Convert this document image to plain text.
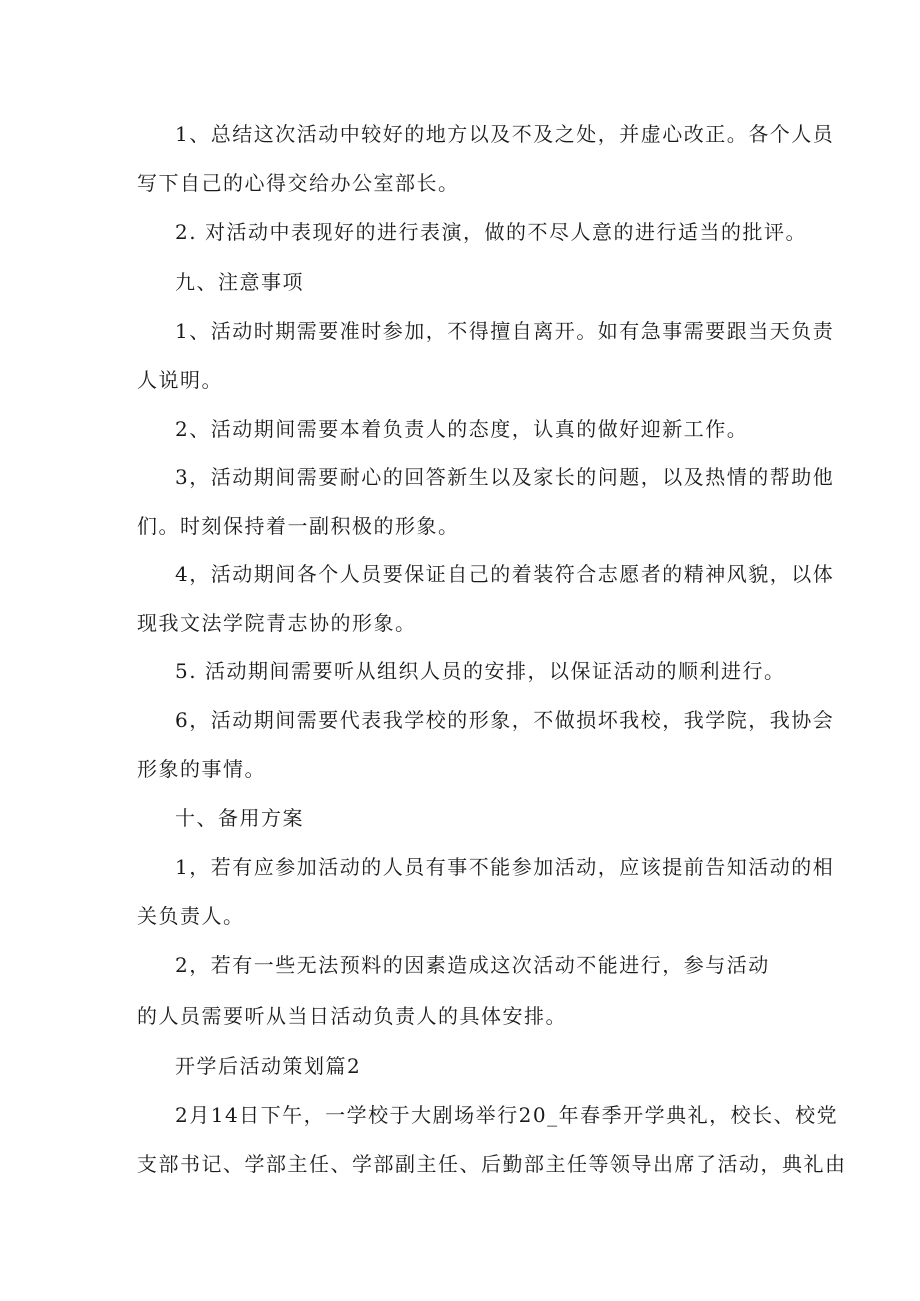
1、总结这次活动中较好的地方以及不及之处，并虚心改正。各个人员

写下自己的心得交给办公室部长。

2. 对活动中表现好的进行表演，做的不尽人意的进行适当的批评。

九、注意事项

1、活动时期需要准时参加，不得擅自离开。如有急事需要跟当天负责

人说明。

2、活动期间需要本着负责人的态度，认真的做好迎新工作。

3，活动期间需要耐心的回答新生以及家长的问题，以及热情的帮助他

们。时刻保持着一副积极的形象。

4，活动期间各个人员要保证自己的着装符合志愿者的精神风貌，以体

现我文法学院青志协的形象。

5. 活动期间需要听从组织人员的安排，以保证活动的顺利进行。

6，活动期间需要代表我学校的形象，不做损坏我校，我学院，我协会

形象的事情。

十、备用方案

1，若有应参加活动的人员有事不能参加活动，应该提前告知活动的相

关负责人。

2，若有一些无法预料的因素造成这次活动不能进行，参与活动

的人员需要听从当日活动负责人的具体安排。

开学后活动策划篇2

2月14日下午，一学校于大剧场举行20_年春季开学典礼，校长、校党

支部书记、学部主任、学部副主任、后勤部主任等领导出席了活动，典礼由
